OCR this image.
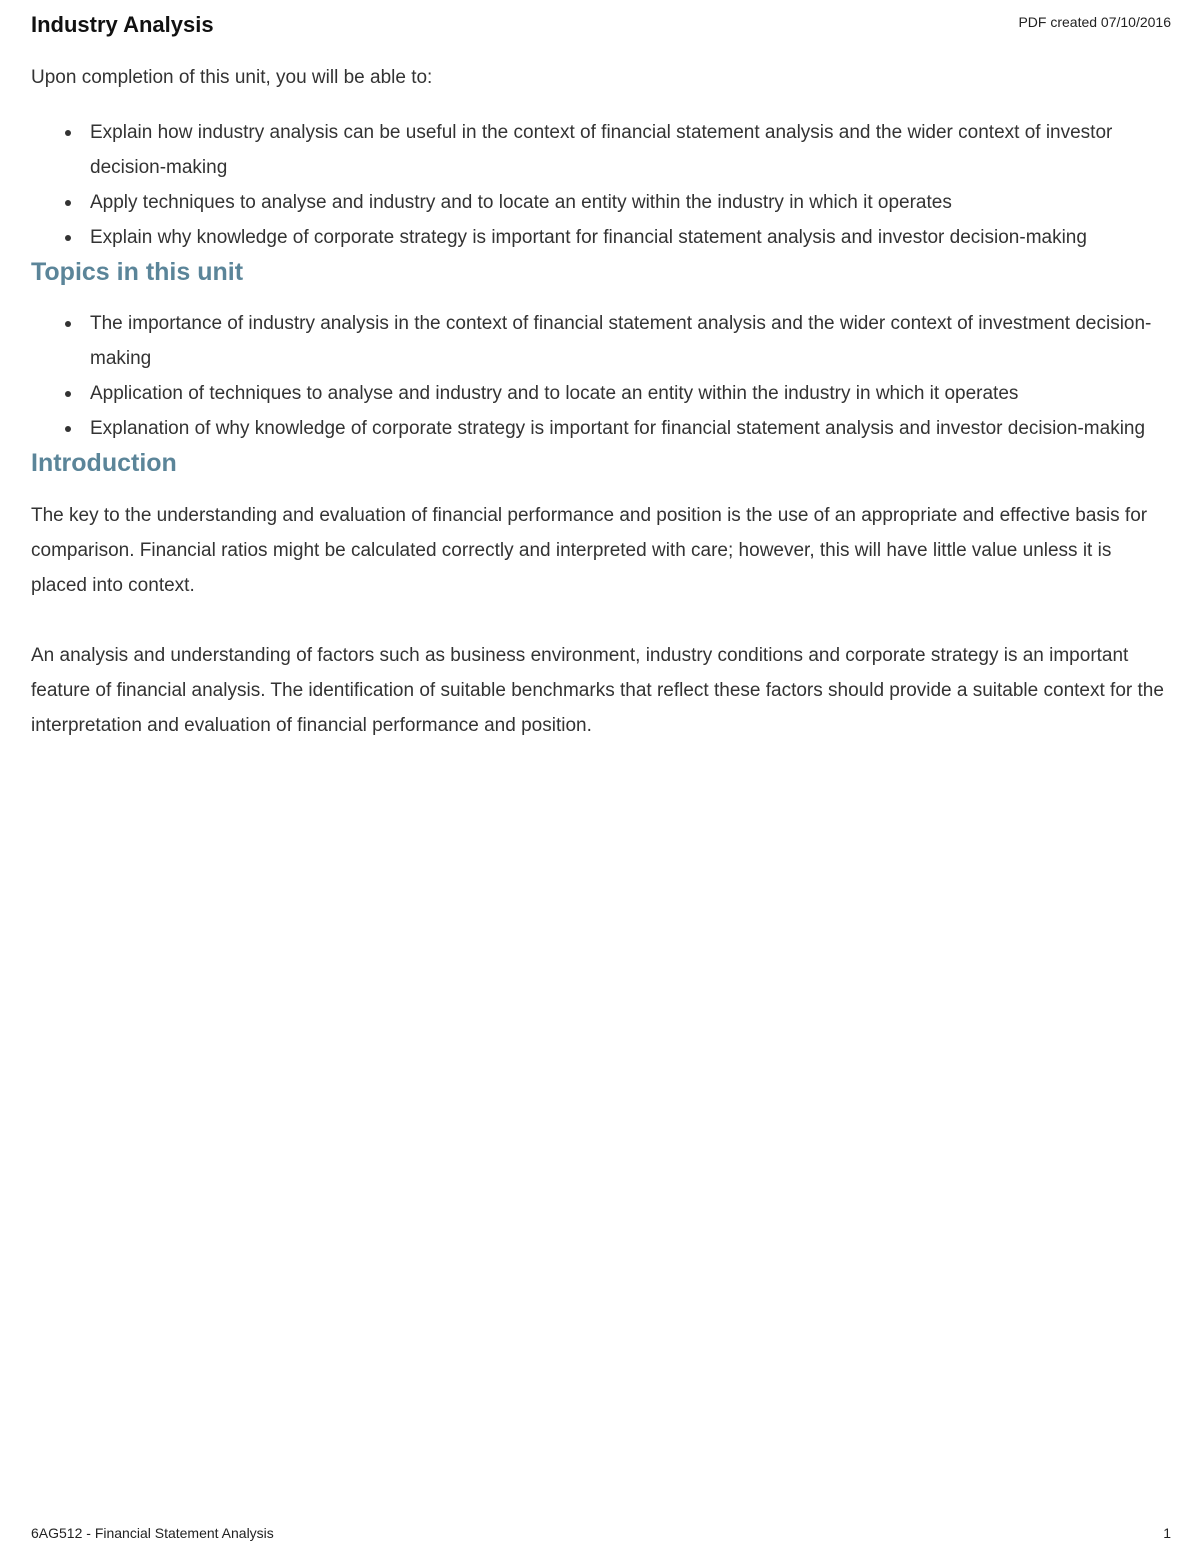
Industry Analysis	PDF created 07/10/2016

Upon completion of this unit, you will be able to:

Explain how industry analysis can be useful in the context of financial statement analysis and the wider context of investor decision-making
Apply techniques to analyse and industry and to locate an entity within the industry in which it operates
Explain why knowledge of corporate strategy is important for financial statement analysis and investor decision-making
Topics in this unit
The importance of industry analysis in the context of financial statement analysis and the wider context of investment decision-making
Application of techniques to analyse and industry and to locate an entity within the industry in which it operates
Explanation of why knowledge of corporate strategy is important for financial statement analysis and investor decision-making
Introduction

The key to the understanding and evaluation of financial performance and position is the use of an appropriate and effective basis for comparison. Financial ratios might be calculated correctly and interpreted with care; however, this will have little value unless it is placed into context.

An analysis and understanding of factors such as business environment, industry conditions and corporate strategy is an important feature of financial analysis. The identification of suitable benchmarks that reflect these factors should provide a suitable context for the interpretation and evaluation of financial performance and position.

6AG512 - Financial Statement Analysis	1
